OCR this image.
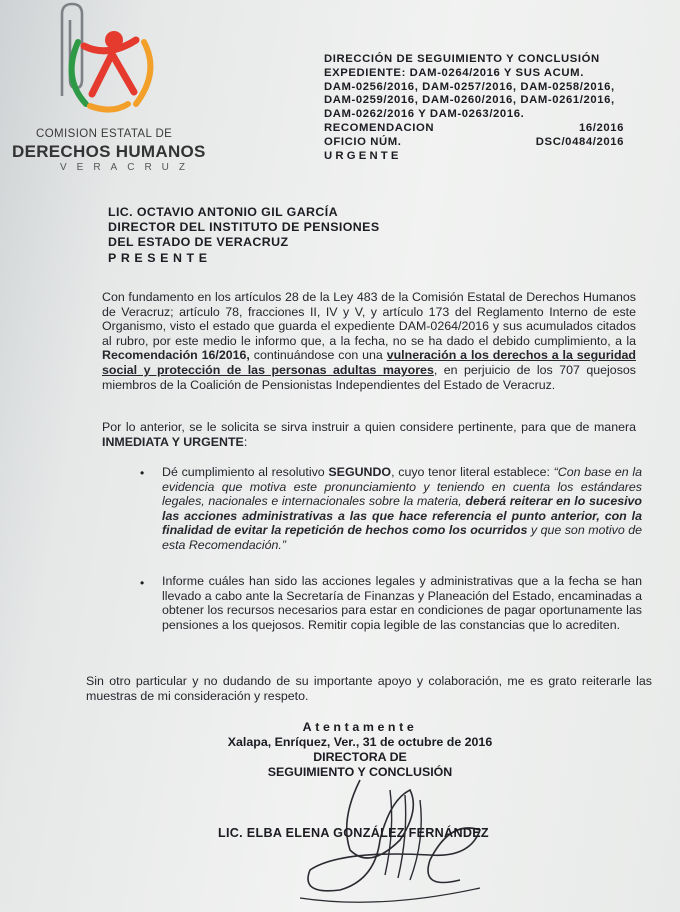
COMISION ESTATAL DE
DERECHOS HUMANOS
VERACRUZ
DIRECCIÓN DE SEGUIMIENTO Y CONCLUSIÓN
EXPEDIENTE: DAM-0264/2016 Y SUS ACUM.
DAM-0256/2016, DAM-0257/2016, DAM-0258/2016,
DAM-0259/2016, DAM-0260/2016, DAM-0261/2016,
DAM-0262/2016 Y DAM-0263/2016.
RECOMENDACION	16/2016
OFICIO NÚM.	DSC/0484/2016
URGENTE
LIC. OCTAVIO ANTONIO GIL GARCÍA
DIRECTOR DEL INSTITUTO DE PENSIONES
DEL ESTADO DE VERACRUZ
PRESENTE
Con fundamento en los artículos 28 de la Ley 483 de la Comisión Estatal de Derechos Humanos de Veracruz; artículo 78, fracciones II, IV y V, y artículo 173 del Reglamento Interno de este Organismo, visto el estado que guarda el expediente DAM-0264/2016 y sus acumulados citados al rubro, por este medio le informo que, a la fecha, no se ha dado el debido cumplimiento, a la Recomendación 16/2016, continuándose con una vulneración a los derechos a la seguridad social y protección de las personas adultas mayores, en perjuicio de los 707 quejosos miembros de la Coalición de Pensionistas Independientes del Estado de Veracruz.
Por lo anterior, se le solicita se sirva instruir a quien considere pertinente, para que de manera INMEDIATA Y URGENTE:
• Dé cumplimiento al resolutivo SEGUNDO, cuyo tenor literal establece: “Con base en la evidencia que motiva este pronunciamiento y teniendo en cuenta los estándares legales, nacionales e internacionales sobre la materia, deberá reiterar en lo sucesivo las acciones administrativas a las que hace referencia el punto anterior, con la finalidad de evitar la repetición de hechos como los ocurridos y que son motivo de esta Recomendación.”
• Informe cuáles han sido las acciones legales y administrativas que a la fecha se han llevado a cabo ante la Secretaría de Finanzas y Planeación del Estado, encaminadas a obtener los recursos necesarios para estar en condiciones de pagar oportunamente las pensiones a los quejosos. Remitir copia legible de las constancias que lo acrediten.
Sin otro particular y no dudando de su importante apoyo y colaboración, me es grato reiterarle las muestras de mi consideración y respeto.
Atentamente
Xalapa, Enríquez, Ver., 31 de octubre de 2016
DIRECTORA DE
SEGUIMIENTO Y CONCLUSIÓN
LIC. ELBA ELENA GONZÁLEZ FERNÁNDEZ
